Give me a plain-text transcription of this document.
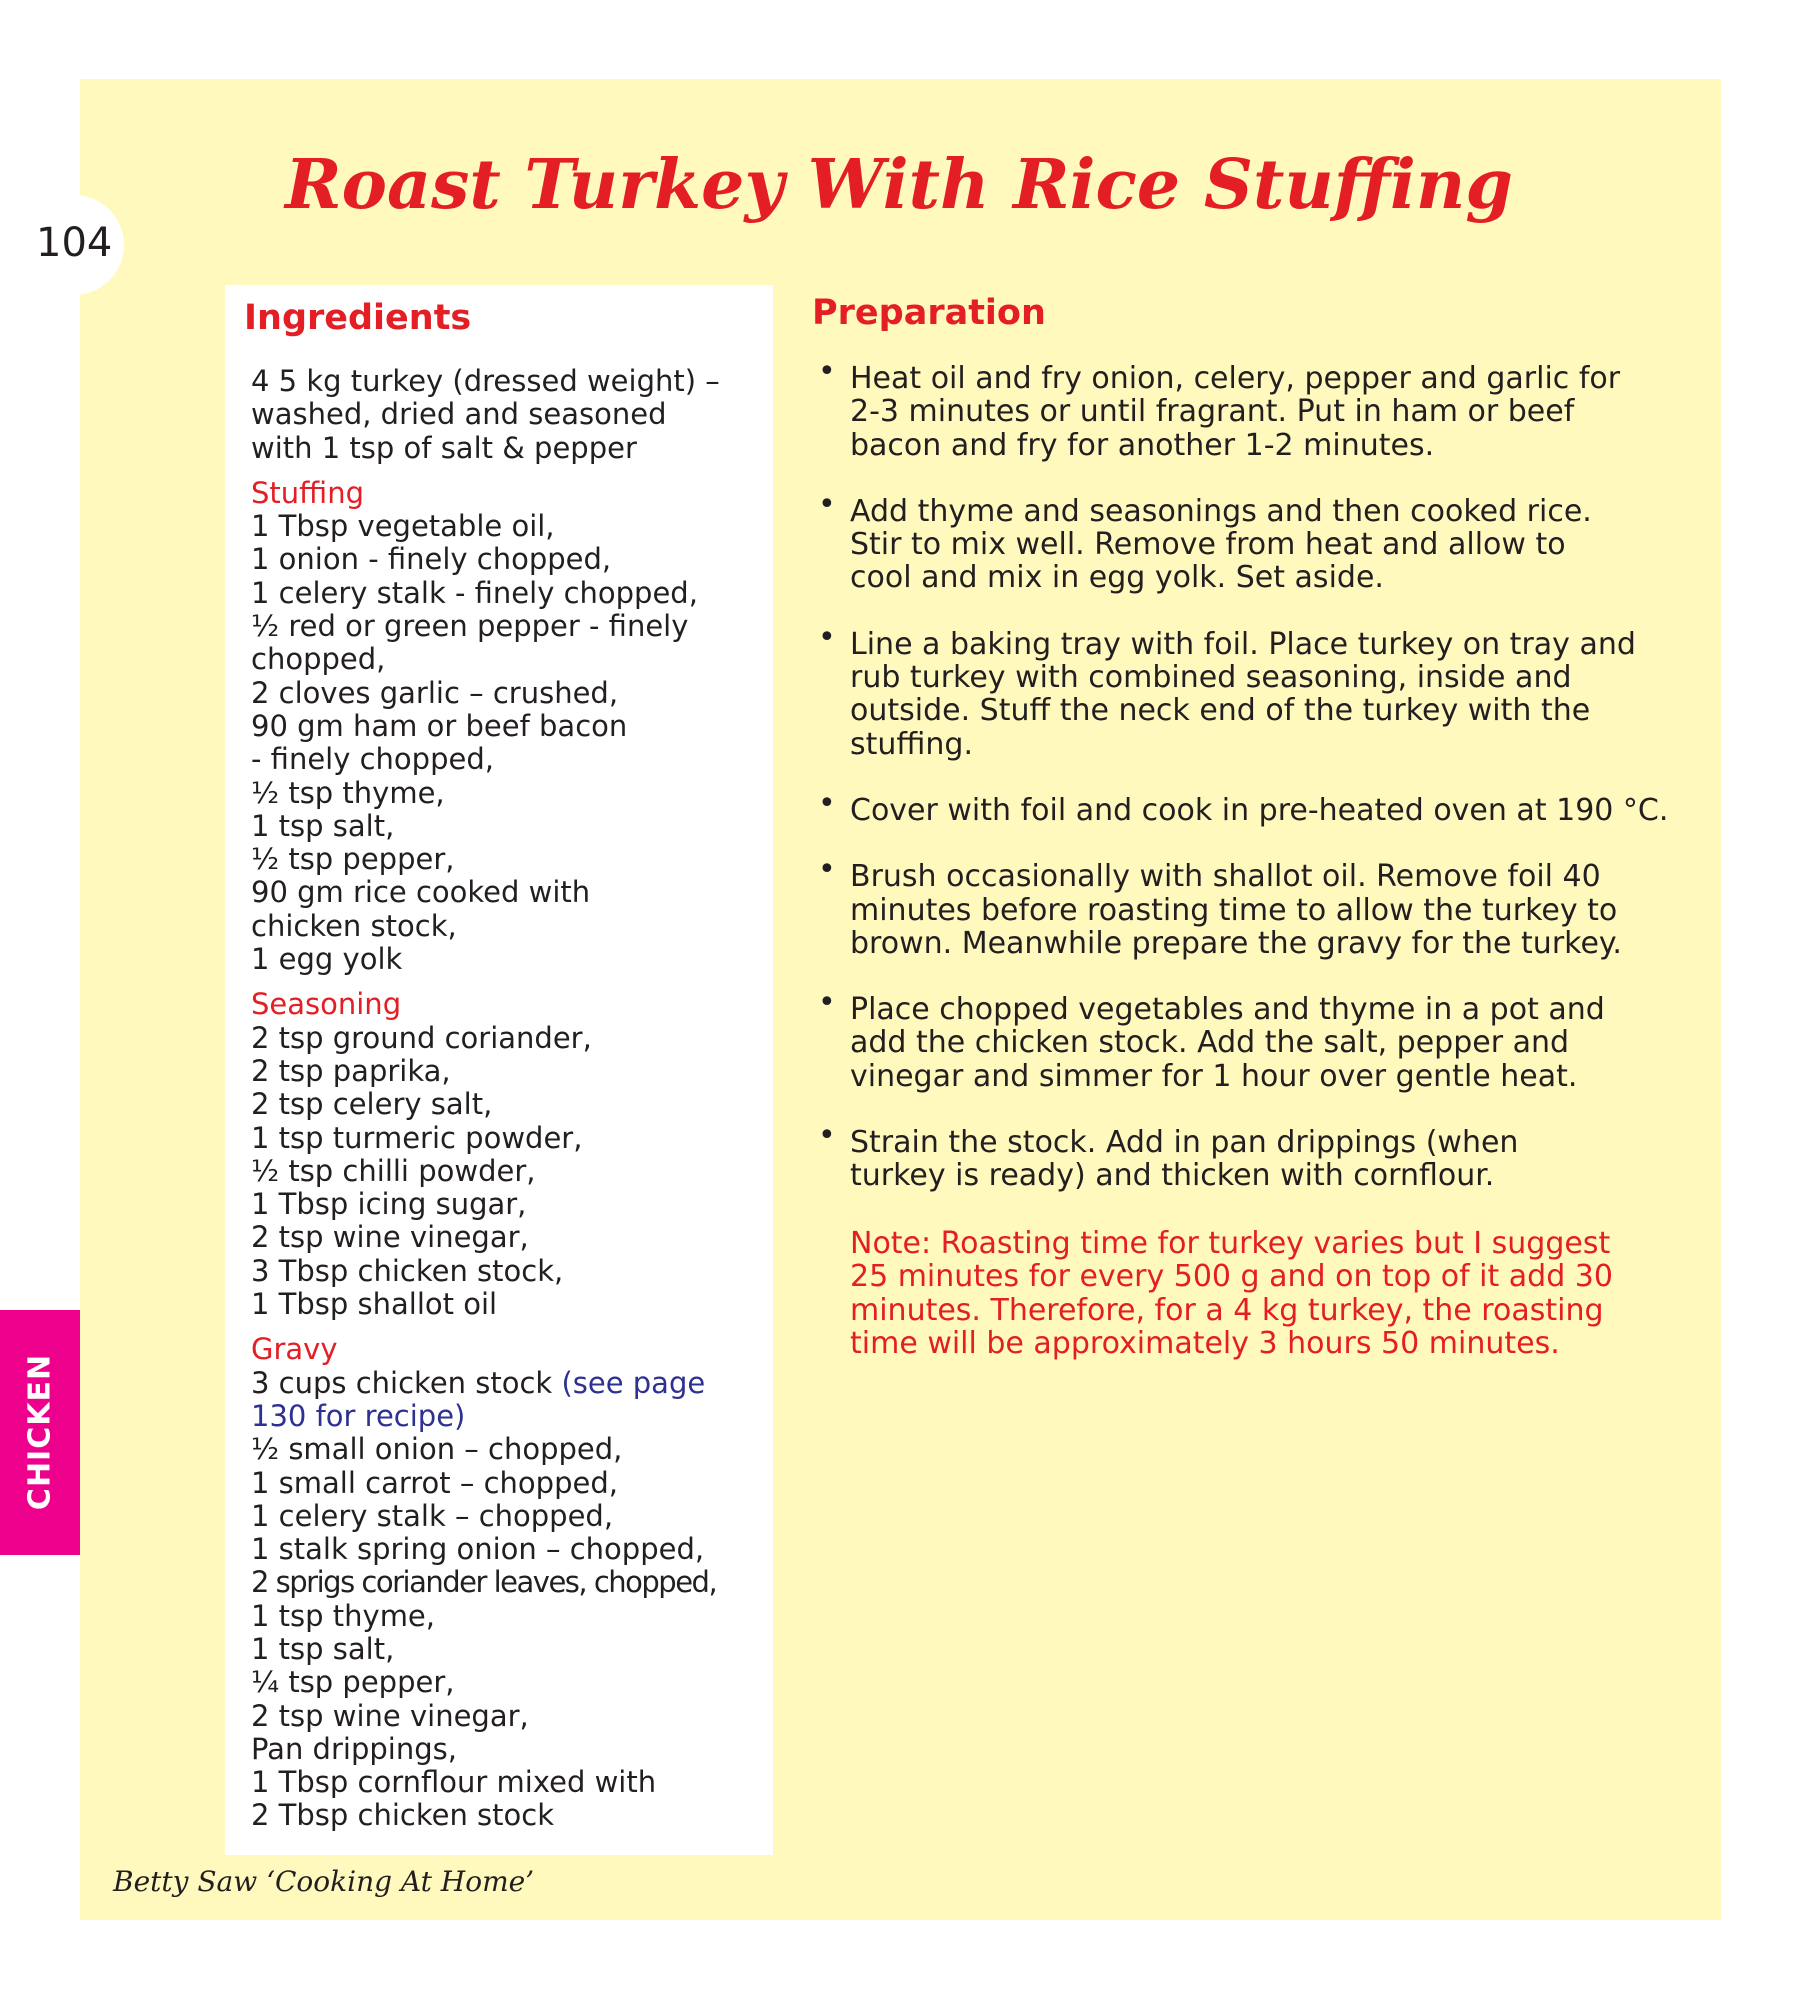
104
Roast Turkey With Rice Stuffing
CHICKEN
Ingredients
4 5 kg turkey (dressed weight) –
washed, dried and seasoned
with 1 tsp of salt & pepper
Stuffing
1 Tbsp vegetable oil,
1 onion - finely chopped,
1 celery stalk - finely chopped,
½ red or green pepper - finely
chopped,
2 cloves garlic – crushed,
90 gm ham or beef bacon
- finely chopped,
½ tsp thyme,
1 tsp salt,
½ tsp pepper,
90 gm rice cooked with
chicken stock,
1 egg yolk
Seasoning
2 tsp ground coriander,
2 tsp paprika,
2 tsp celery salt,
1 tsp turmeric powder,
½ tsp chilli powder,
1 Tbsp icing sugar,
2 tsp wine vinegar,
3 Tbsp chicken stock,
1 Tbsp shallot oil
Gravy
3 cups chicken stock (see page
130 for recipe)
½ small onion – chopped,
1 small carrot – chopped,
1 celery stalk – chopped,
1 stalk spring onion – chopped,
2 sprigs coriander leaves, chopped,
1 tsp thyme,
1 tsp salt,
¼ tsp pepper,
2 tsp wine vinegar,
Pan drippings,
1 Tbsp cornflour mixed with
2 Tbsp chicken stock
Preparation
• Heat oil and fry onion, celery, pepper and garlic for
2-3 minutes or until fragrant. Put in ham or beef
bacon and fry for another 1-2 minutes.
• Add thyme and seasonings and then cooked rice.
Stir to mix well. Remove from heat and allow to
cool and mix in egg yolk. Set aside.
• Line a baking tray with foil. Place turkey on tray and
rub turkey with combined seasoning, inside and
outside. Stuff the neck end of the turkey with the
stuffing.
• Cover with foil and cook in pre-heated oven at 190 °C.
• Brush occasionally with shallot oil. Remove foil 40
minutes before roasting time to allow the turkey to
brown. Meanwhile prepare the gravy for the turkey.
• Place chopped vegetables and thyme in a pot and
add the chicken stock. Add the salt, pepper and
vinegar and simmer for 1 hour over gentle heat.
• Strain the stock. Add in pan drippings (when
turkey is ready) and thicken with cornflour.
Note: Roasting time for turkey varies but I suggest
25 minutes for every 500 g and on top of it add 30
minutes. Therefore, for a 4 kg turkey, the roasting
time will be approximately 3 hours 50 minutes.
Betty Saw ‘Cooking At Home’
